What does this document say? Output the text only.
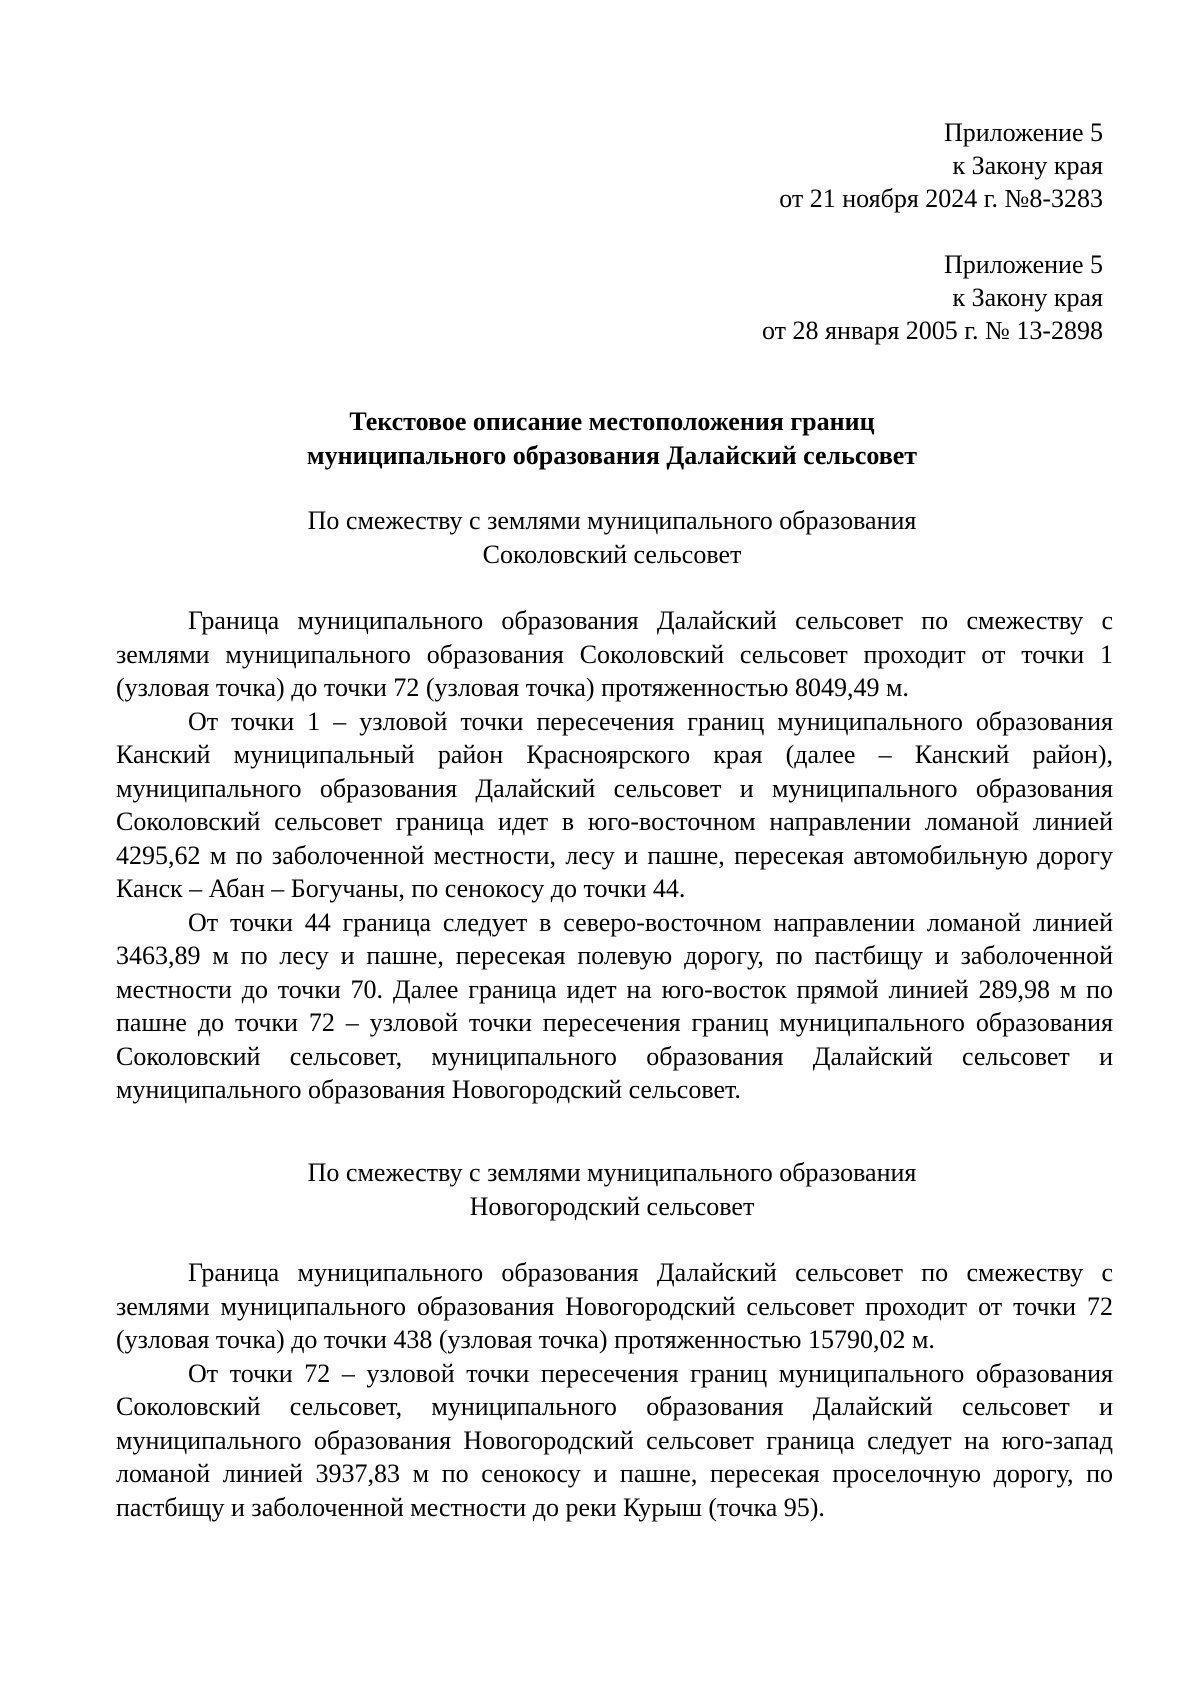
Приложение 5

к Закону края

от 21 ноября 2024 г. №8-3283

Приложение 5

к Закону края

от 28 января 2005 г. № 13-2898

Текстовое описание местоположения границ

муниципального образования Далайский сельсовет

По смежеству с землями муниципального образования

Соколовский сельсовет

Граница муниципального образования Далайский сельсовет по смежеству с землями муниципального образования Соколовский сельсовет проходит от точки 1 (узловая точка) до точки 72 (узловая точка) протяженностью 8049,49 м.

От точки 1 – узловой точки пересечения границ муниципального образования Канский муниципальный район Красноярского края (далее – Канский район), муниципального образования Далайский сельсовет и муниципального образования Соколовский сельсовет граница идет в юго-восточном направлении ломаной линией 4295,62 м по заболоченной местности, лесу и пашне, пересекая автомобильную дорогу Канск – Абан – Богучаны, по сенокосу до точки 44.

От точки 44 граница следует в северо-восточном направлении ломаной линией 3463,89 м по лесу и пашне, пересекая полевую дорогу, по пастбищу и заболоченной местности до точки 70. Далее граница идет на юго-восток прямой линией 289,98 м по пашне до точки 72 – узловой точки пересечения границ муниципального образования Соколовский сельсовет, муниципального образования Далайский сельсовет и муниципального образования Новогородский сельсовет.

По смежеству с землями муниципального образования

Новогородский сельсовет

Граница муниципального образования Далайский сельсовет по смежеству с землями муниципального образования Новогородский сельсовет проходит от точки 72 (узловая точка) до точки 438 (узловая точка) протяженностью 15790,02 м.

От точки 72 – узловой точки пересечения границ муниципального образования Соколовский сельсовет, муниципального образования Далайский сельсовет и муниципального образования Новогородский сельсовет граница следует на юго-запад ломаной линией 3937,83 м по сенокосу и пашне, пересекая проселочную дорогу, по пастбищу и заболоченной местности до реки Курыш (точка 95).
